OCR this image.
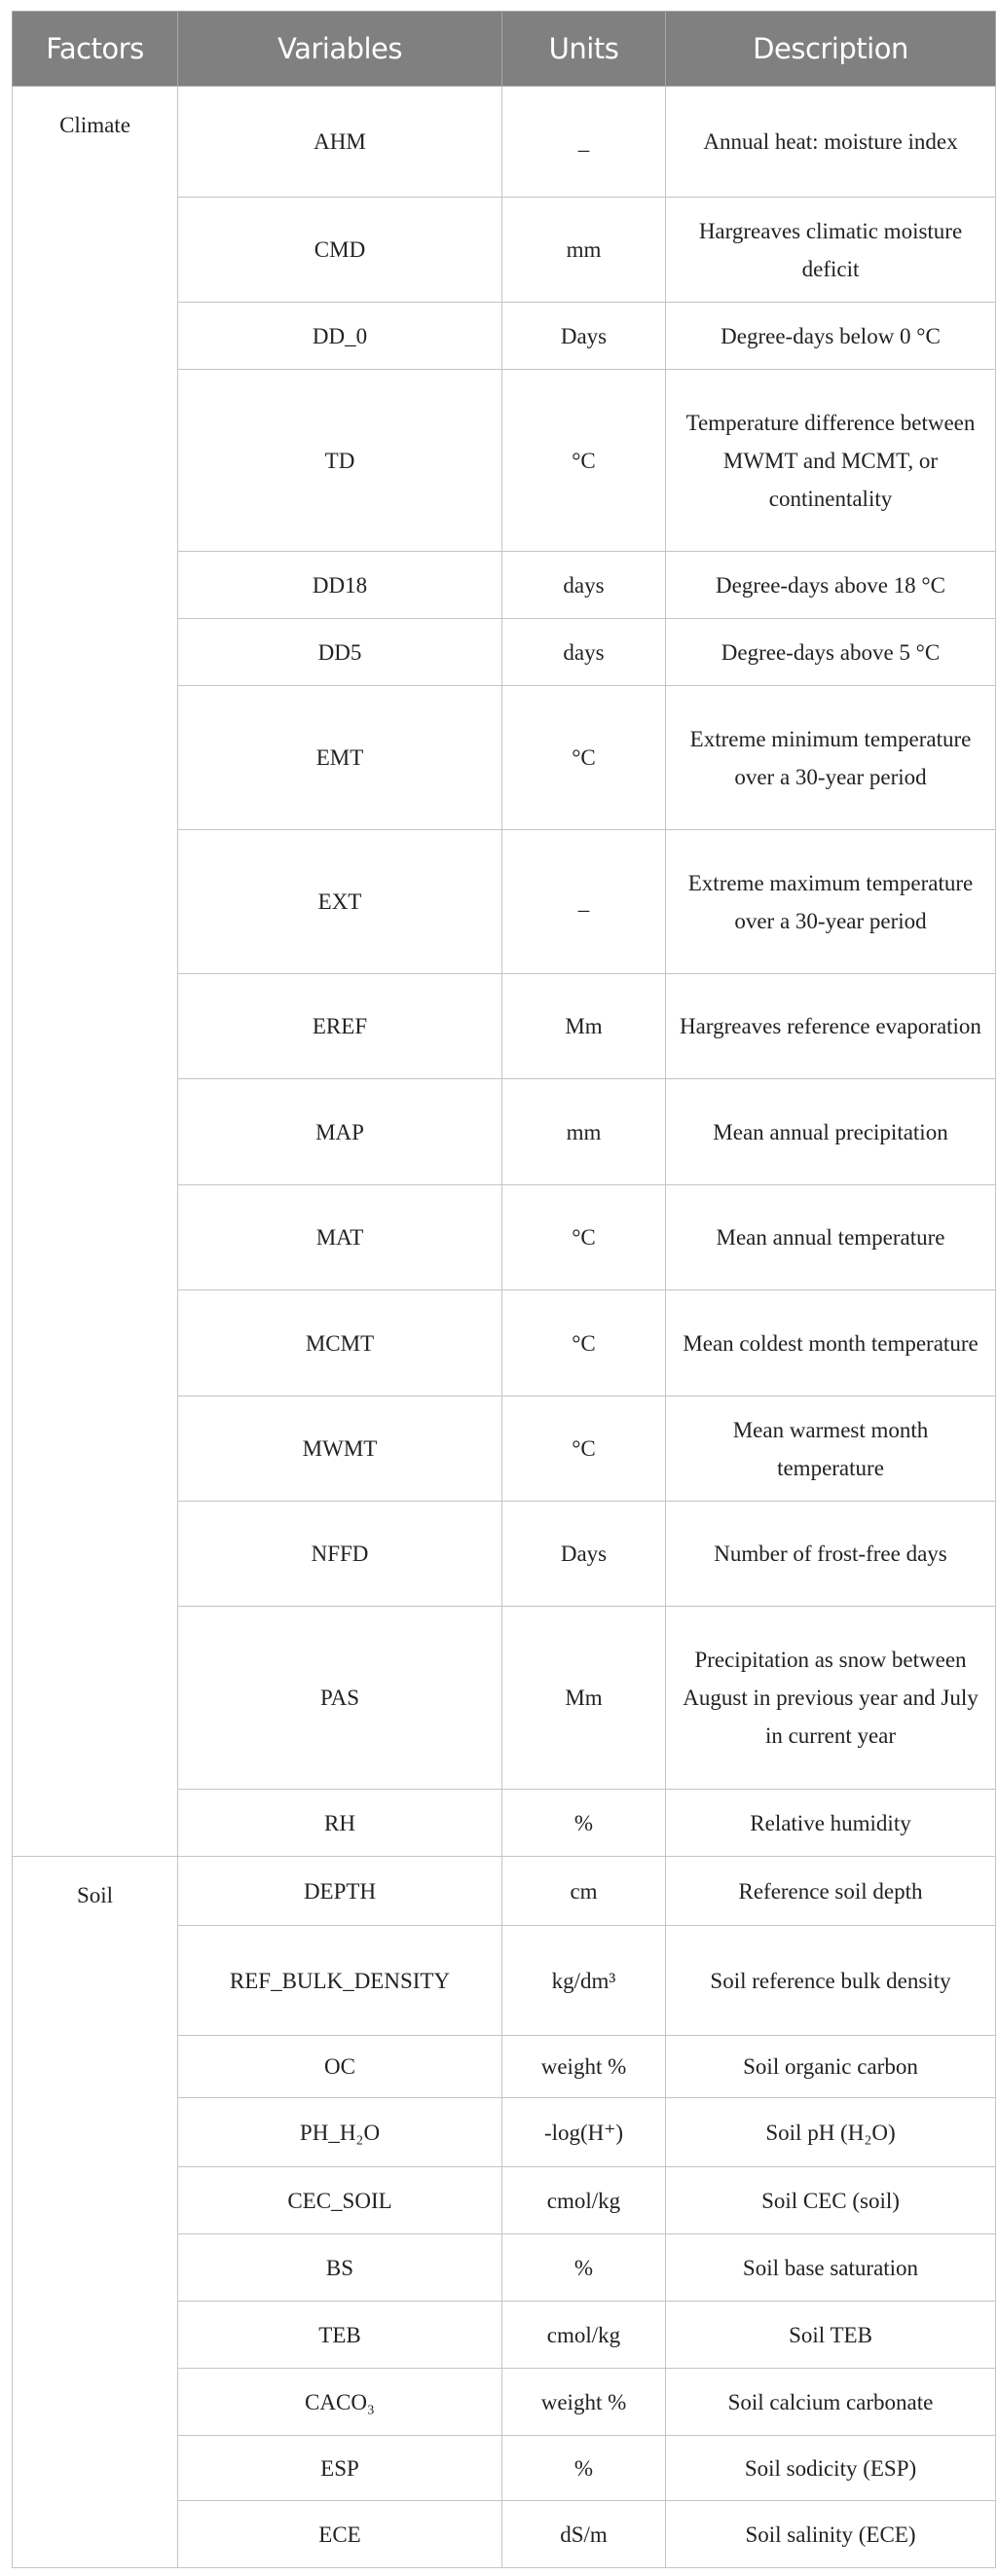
Factors	Variables	Units	Description
Climate	AHM	_	Annual heat: moisture index
	CMD	mm	Hargreaves climatic moisture deficit
	DD_0	Days	Degree-days below 0 °C
	TD	°C	Temperature difference between MWMT and MCMT, or continentality
	DD18	days	Degree-days above 18 °C
	DD5	days	Degree-days above 5 °C
	EMT	°C	Extreme minimum temperature over a 30-year period
	EXT	_	Extreme maximum temperature over a 30-year period
	EREF	Mm	Hargreaves reference evaporation
	MAP	mm	Mean annual precipitation
	MAT	°C	Mean annual temperature
	MCMT	°C	Mean coldest month temperature
	MWMT	°C	Mean warmest month temperature
	NFFD	Days	Number of frost-free days
	PAS	Mm	Precipitation as snow between August in previous year and July in current year
	RH	%	Relative humidity
Soil	DEPTH	cm	Reference soil depth
	REF_BULK_DENSITY	kg/dm³	Soil reference bulk density
	OC	weight %	Soil organic carbon
	PH_H₂O	-log(H⁺)	Soil pH (H₂O)
	CEC_SOIL	cmol/kg	Soil CEC (soil)
	BS	%	Soil base saturation
	TEB	cmol/kg	Soil TEB
	CACO₃	weight %	Soil calcium carbonate
	ESP	%	Soil sodicity (ESP)
	ECE	dS/m	Soil salinity (ECE)
